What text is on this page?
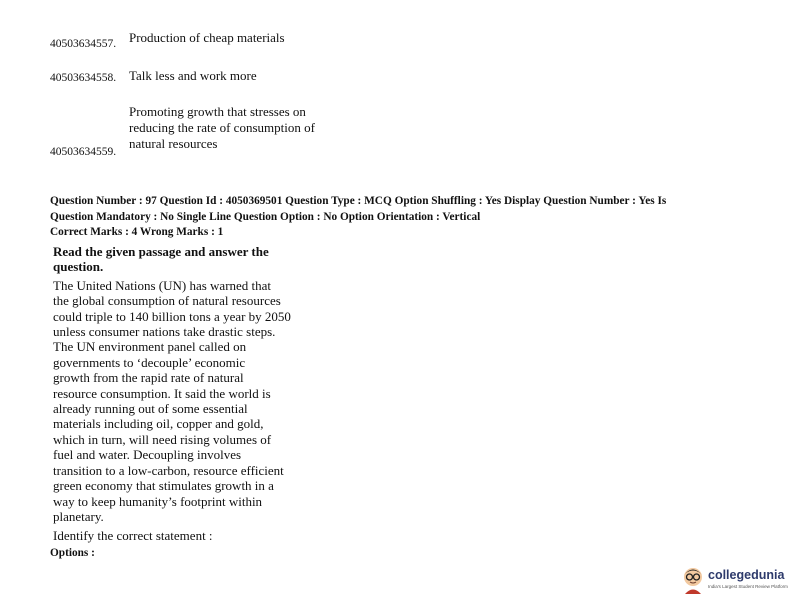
40503634557. Production of cheap materials
40503634558. Talk less and work more
40503634559.
Promoting growth that stresses on
reducing the rate of consumption of
natural resources
Question Number : 97 Question Id : 4050369501 Question Type : MCQ Option Shuffling : Yes Display Question Number : Yes Is
Question Mandatory : No Single Line Question Option : No Option Orientation : Vertical
Correct Marks : 4 Wrong Marks : 1
Read the given passage and answer the
question.

The United Nations (UN) has warned that

the global consumption of natural resources

could triple to 140 billion tons a year by 2050

unless consumer nations take drastic steps.

The UN environment panel called on

governments to ‘decouple’ economic

growth from the rapid rate of natural

resource consumption. It said the world is

already running out of some essential

materials including oil, copper and gold,

which in turn, will need rising volumes of

fuel and water. Decoupling involves

transition to a low-carbon, resource efficient

green economy that stimulates growth in a

way to keep humanity’s footprint within

planetary.

Identify the correct statement :
Options :
collegedunia
India's Largest Student Review Platform
